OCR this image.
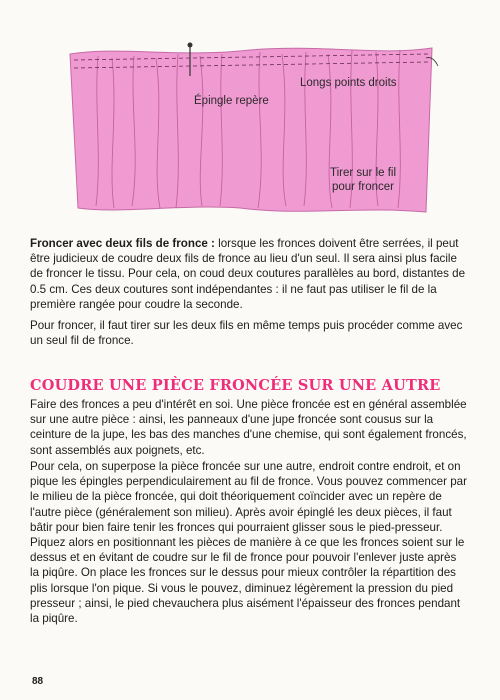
Épingle repère

Longs points droits

Tirer sur le fil
pour froncer

Froncer avec deux fils de fronce : lorsque les fronces doivent être serrées, il peut être judicieux de coudre deux fils de fronce au lieu d'un seul. Il sera ainsi plus facile de froncer le tissu. Pour cela, on coud deux coutures parallèles au bord, distantes de 0.5 cm. Ces deux coutures sont indépendantes : il ne faut pas utiliser le fil de la première rangée pour coudre la seconde.

Pour froncer, il faut tirer sur les deux fils en même temps puis procéder comme avec un seul fil de fronce.

COUDRE UNE PIÈCE FRONCÉE SUR UNE AUTRE

Faire des fronces a peu d'intérêt en soi. Une pièce froncée est en général assemblée sur une autre pièce : ainsi, les panneaux d'une jupe froncée sont cousus sur la ceinture de la jupe, les bas des manches d'une chemise, qui sont également froncés, sont assemblés aux poignets, etc.

Pour cela, on superpose la pièce froncée sur une autre, endroit contre endroit, et on pique les épingles perpendiculairement au fil de fronce. Vous pouvez commencer par le milieu de la pièce froncée, qui doit théoriquement coïncider avec un repère de l'autre pièce (généralement son milieu). Après avoir épinglé les deux pièces, il faut bâtir pour bien faire tenir les fronces qui pourraient glisser sous le pied-presseur. Piquez alors en positionnant les pièces de manière à ce que les fronces soient sur le dessus et en évitant de coudre sur le fil de fronce pour pouvoir l'enlever juste après la piqûre. On place les fronces sur le dessus pour mieux contrôler la répartition des plis lorsque l'on pique. Si vous le pouvez, diminuez légèrement la pression du pied presseur ; ainsi, le pied chevauchera plus aisément l'épaisseur des fronces pendant la piqûre.

88
